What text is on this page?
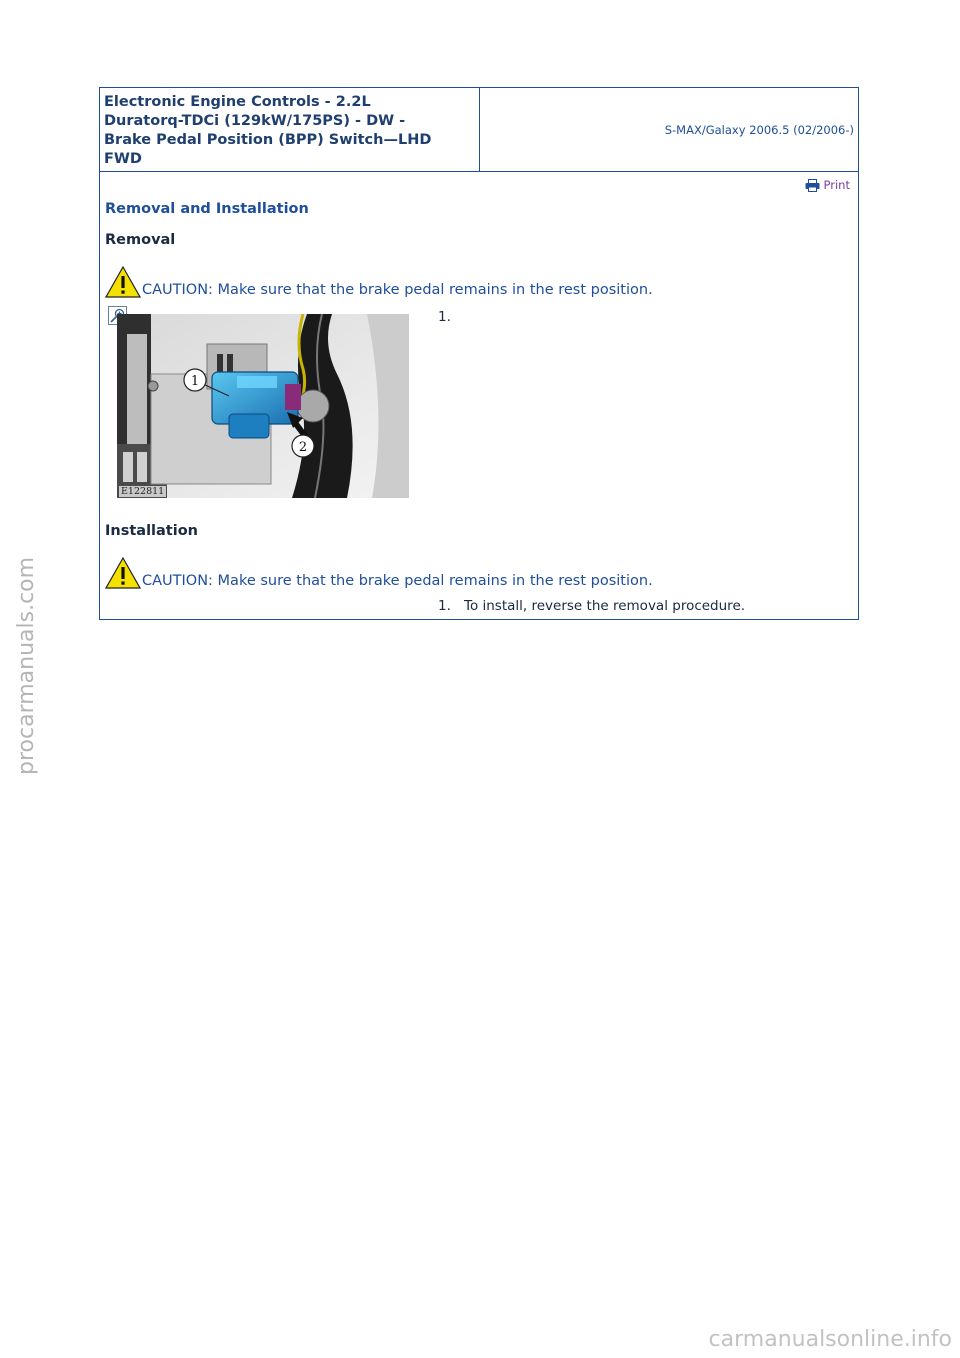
Electronic Engine Controls - 2.2L
Duratorq-TDCi (129kW/175PS) - DW -
Brake Pedal Position (BPP) Switch—LHD
FWD
S-MAX/Galaxy 2006.5 (02/2006-)
Print
Removal and Installation
Removal
CAUTION: Make sure that the brake pedal remains in the rest position.
1
2
E122811
1.
Installation
CAUTION: Make sure that the brake pedal remains in the rest position.
1. To install, reverse the removal procedure.
procarmanuals.com
carmanualsonline.info
